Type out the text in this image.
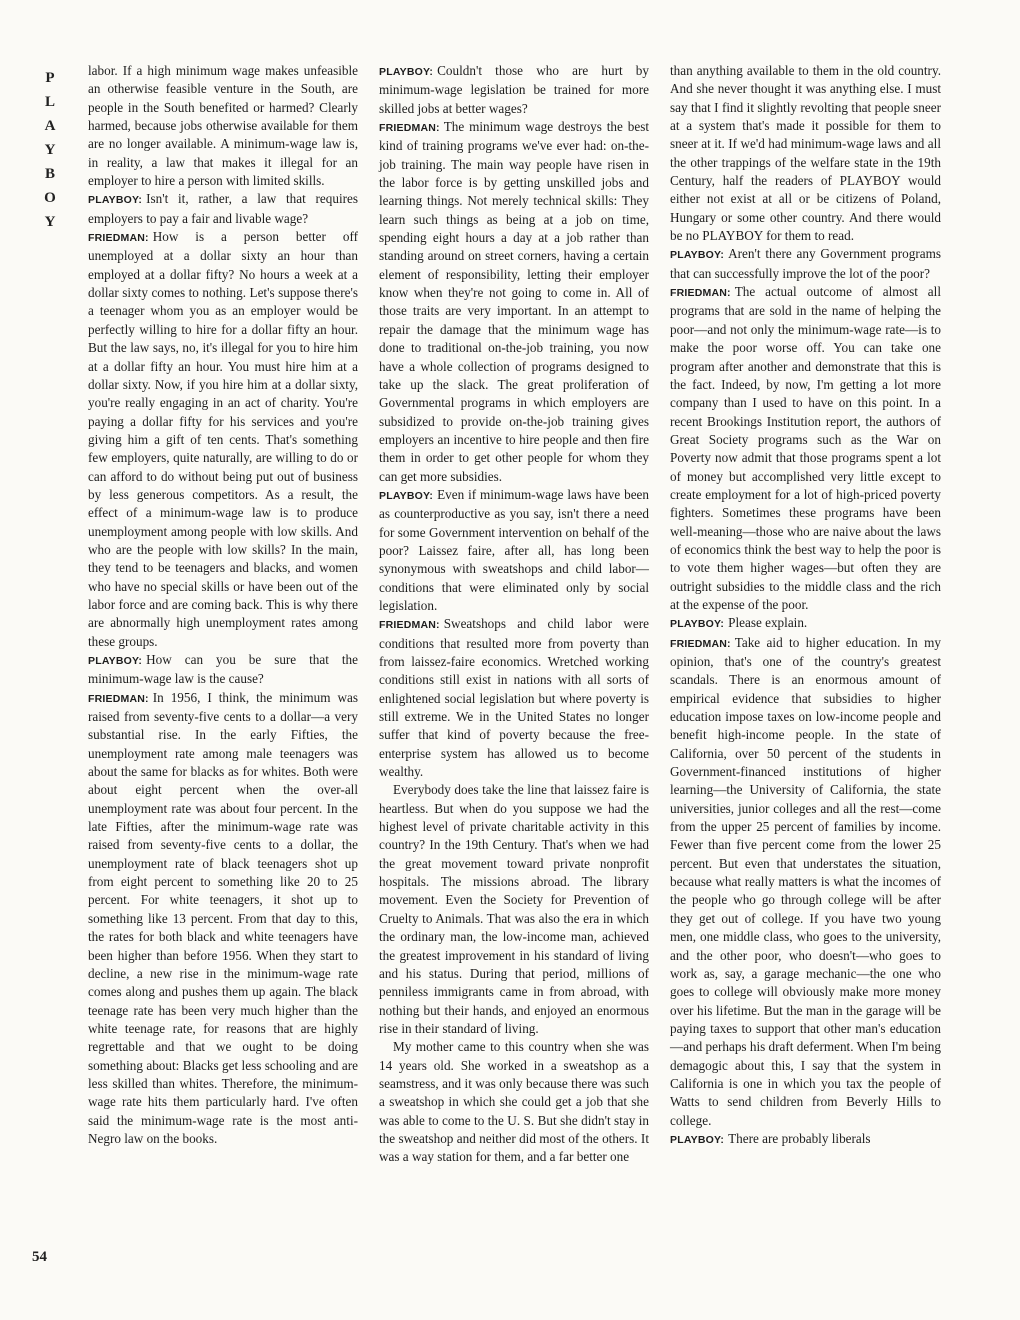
P
L
A
Y
B
O
Y
54

labor. If a high minimum wage makes unfeasible an otherwise feasible venture in the South, are people in the South benefited or harmed? Clearly harmed, because jobs otherwise available for them are no longer available. A minimum-wage law is, in reality, a law that makes it illegal for an employer to hire a person with limited skills.

PLAYBOY: Isn't it, rather, a law that requires employers to pay a fair and livable wage?

FRIEDMAN: How is a person better off unemployed at a dollar sixty an hour than employed at a dollar fifty? No hours a week at a dollar sixty comes to nothing. Let's suppose there's a teenager whom you as an employer would be perfectly willing to hire for a dollar fifty an hour. But the law says, no, it's illegal for you to hire him at a dollar fifty an hour. You must hire him at a dollar sixty. Now, if you hire him at a dollar sixty, you're really engaging in an act of charity. You're paying a dollar fifty for his services and you're giving him a gift of ten cents. That's something few employers, quite naturally, are willing to do or can afford to do without being put out of business by less generous competitors. As a result, the effect of a minimum-wage law is to produce unemployment among people with low skills. And who are the people with low skills? In the main, they tend to be teenagers and blacks, and women who have no special skills or have been out of the labor force and are coming back. This is why there are abnormally high unemployment rates among these groups.

PLAYBOY: How can you be sure that the minimum-wage law is the cause?

FRIEDMAN: In 1956, I think, the minimum was raised from seventy-five cents to a dollar—a very substantial rise. In the early Fifties, the unemployment rate among male teenagers was about the same for blacks as for whites. Both were about eight percent when the over-all unemployment rate was about four percent. In the late Fifties, after the minimum-wage rate was raised from seventy-five cents to a dollar, the unemployment rate of black teenagers shot up from eight percent to something like 20 to 25 percent. For white teenagers, it shot up to something like 13 percent. From that day to this, the rates for both black and white teenagers have been higher than before 1956. When they start to decline, a new rise in the minimum-wage rate comes along and pushes them up again. The black teenage rate has been very much higher than the white teenage rate, for reasons that are highly regrettable and that we ought to be doing something about: Blacks get less schooling and are less skilled than whites. Therefore, the minimum-wage rate hits them particularly hard. I've often said the minimum-wage rate is the most anti-Negro law on the books.

PLAYBOY: Couldn't those who are hurt by minimum-wage legislation be trained for more skilled jobs at better wages?

FRIEDMAN: The minimum wage destroys the best kind of training programs we've ever had: on-the-job training. The main way people have risen in the labor force is by getting unskilled jobs and learning things. Not merely technical skills: They learn such things as being at a job on time, spending eight hours a day at a job rather than standing around on street corners, having a certain element of responsibility, letting their employer know when they're not going to come in. All of those traits are very important. In an attempt to repair the damage that the minimum wage has done to traditional on-the-job training, you now have a whole collection of programs designed to take up the slack. The great proliferation of Governmental programs in which employers are subsidized to provide on-the-job training gives employers an incentive to hire people and then fire them in order to get other people for whom they can get more subsidies.

PLAYBOY: Even if minimum-wage laws have been as counterproductive as you say, isn't there a need for some Government intervention on behalf of the poor? Laissez faire, after all, has long been synonymous with sweatshops and child labor—conditions that were eliminated only by social legislation.

FRIEDMAN: Sweatshops and child labor were conditions that resulted more from poverty than from laissez-faire economics. Wretched working conditions still exist in nations with all sorts of enlightened social legislation but where poverty is still extreme. We in the United States no longer suffer that kind of poverty because the free-enterprise system has allowed us to become wealthy.

Everybody does take the line that laissez faire is heartless. But when do you suppose we had the highest level of private charitable activity in this country? In the 19th Century. That's when we had the great movement toward private nonprofit hospitals. The missions abroad. The library movement. Even the Society for Prevention of Cruelty to Animals. That was also the era in which the ordinary man, the low-income man, achieved the greatest improvement in his standard of living and his status. During that period, millions of penniless immigrants came in from abroad, with nothing but their hands, and enjoyed an enormous rise in their standard of living.

My mother came to this country when she was 14 years old. She worked in a sweatshop as a seamstress, and it was only because there was such a sweatshop in which she could get a job that she was able to come to the U. S. But she didn't stay in the sweatshop and neither did most of the others. It was a way station for them, and a far better one

than anything available to them in the old country. And she never thought it was anything else. I must say that I find it slightly revolting that people sneer at a system that's made it possible for them to sneer at it. If we'd had minimum-wage laws and all the other trappings of the welfare state in the 19th Century, half the readers of PLAYBOY would either not exist at all or be citizens of Poland, Hungary or some other country. And there would be no PLAYBOY for them to read.

PLAYBOY: Aren't there any Government programs that can successfully improve the lot of the poor?

FRIEDMAN: The actual outcome of almost all programs that are sold in the name of helping the poor—and not only the minimum-wage rate—is to make the poor worse off. You can take one program after another and demonstrate that this is the fact. Indeed, by now, I'm getting a lot more company than I used to have on this point. In a recent Brookings Institution report, the authors of Great Society programs such as the War on Poverty now admit that those programs spent a lot of money but accomplished very little except to create employment for a lot of high-priced poverty fighters. Sometimes these programs have been well-meaning—those who are naive about the laws of economics think the best way to help the poor is to vote them higher wages—but often they are outright subsidies to the middle class and the rich at the expense of the poor.

PLAYBOY: Please explain.

FRIEDMAN: Take aid to higher education. In my opinion, that's one of the country's greatest scandals. There is an enormous amount of empirical evidence that subsidies to higher education impose taxes on low-income people and benefit high-income people. In the state of California, over 50 percent of the students in Government-financed institutions of higher learning—the University of California, the state universities, junior colleges and all the rest—come from the upper 25 percent of families by income. Fewer than five percent come from the lower 25 percent. But even that understates the situation, because what really matters is what the incomes of the people who go through college will be after they get out of college. If you have two young men, one middle class, who goes to the university, and the other poor, who doesn't—who goes to work as, say, a garage mechanic—the one who goes to college will obviously make more money over his lifetime. But the man in the garage will be paying taxes to support that other man's education—and perhaps his draft deferment. When I'm being demagogic about this, I say that the system in California is one in which you tax the people of Watts to send children from Beverly Hills to college.

PLAYBOY: There are probably liberals
